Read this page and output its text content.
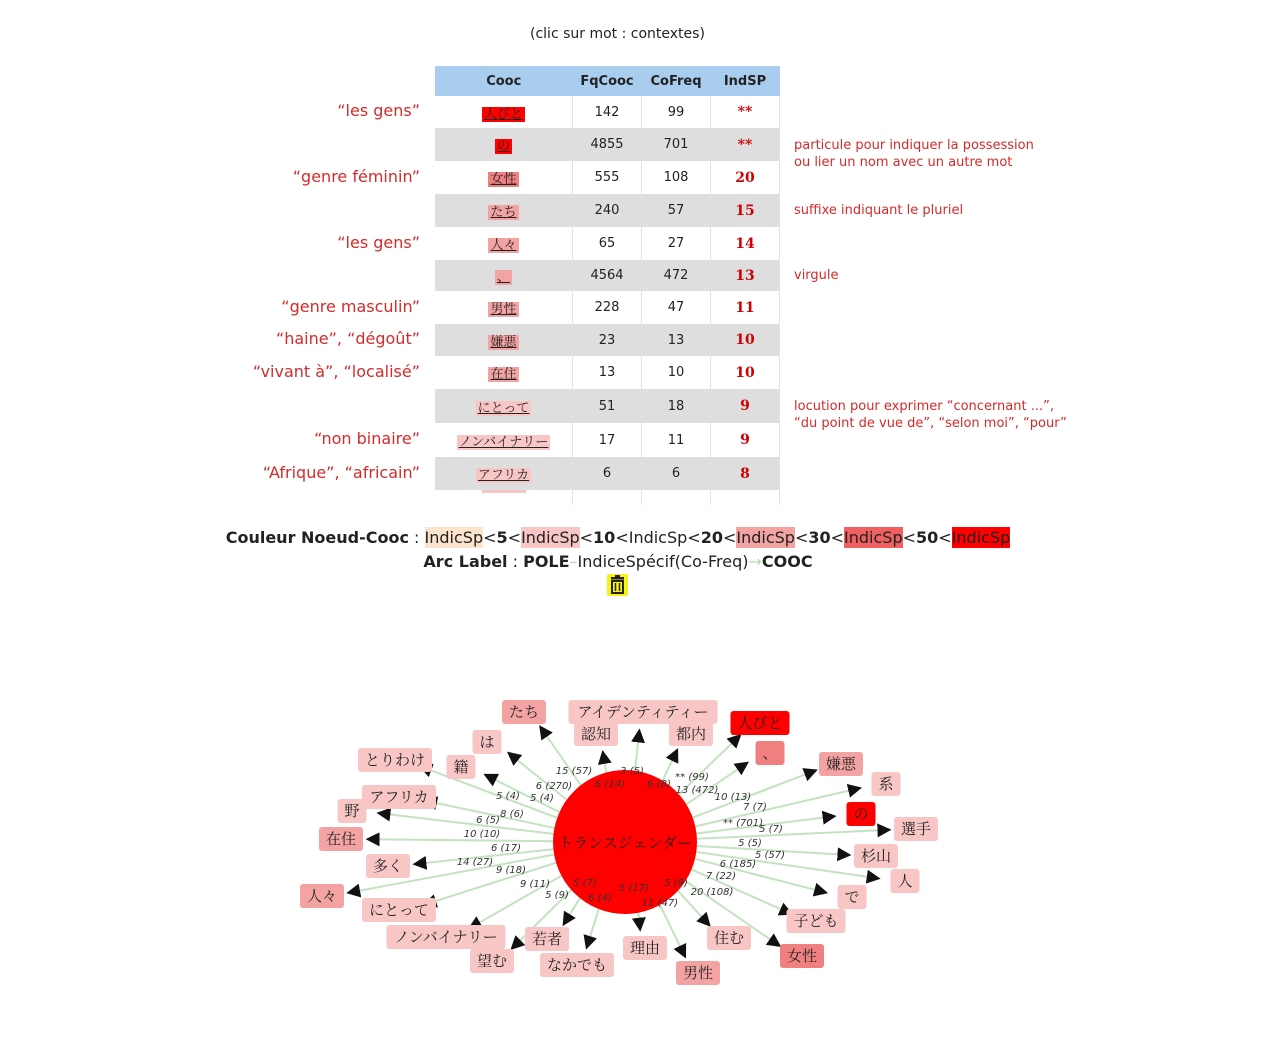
(clic sur mot : contextes)
Cooc	FqCooc	CoFreq	IndSP
人びと	142	99	**
の	4855	701	**
女性	555	108	20
たち	240	57	15
人々	65	27	14
、	4564	472	13
男性	228	47	11
嫌悪	23	13	10
在住	13	10	10
にとって	51	18	9
ノンバイナリー	17	11	9
アフリカ	6	6	8

“les gens”
“genre féminin”
“les gens”
“genre masculin”
“haine”, “dégoût”
“vivant à”, “localisé”
“non binaire”
“Afrique”, “africain”
particule pour indiquer la possession
ou lier un nom avec un autre mot
suffixe indiquant le pluriel
virgule
locution pour exprimer “concernant ...”,
“du point de vue de”, “selon moi”, “pour”
Couleur Noeud-Cooc : IndicSp<5<IndicSp<10<IndicSp<20<IndicSp<30<IndicSp<50<IndicSp
Arc Label : POLE–IndiceSpécif(Co-Freq)→COOC
トランスジェンダー
15 (57)	3 (5)
** (99)
6 (270) 6 (14) 6 (8)
13 (472)
10 (13)
5 (4) 5 (4)
7 (7)
8 (6)
6 (5)	** (701)
10 (10)	5 (7)
5 (5)
6 (17)
5 (57)
6 (185)
14 (27)
7 (22)
9 (18)
9 (11) 5 (7) 5 (17)
5 (9) 6 (4)	11 (47)
20 (108)
5 (9)
たち	アイデンティティー
認知	都内
人びと
、
嫌悪
系
の
選手
杉山
人
で
子ども
女性
住む
男性
理由
なかでも
若者
望む
ノンバイナリー
にとって
人々
多く
在住
野
アフリカ
とりわけ 籍
は
